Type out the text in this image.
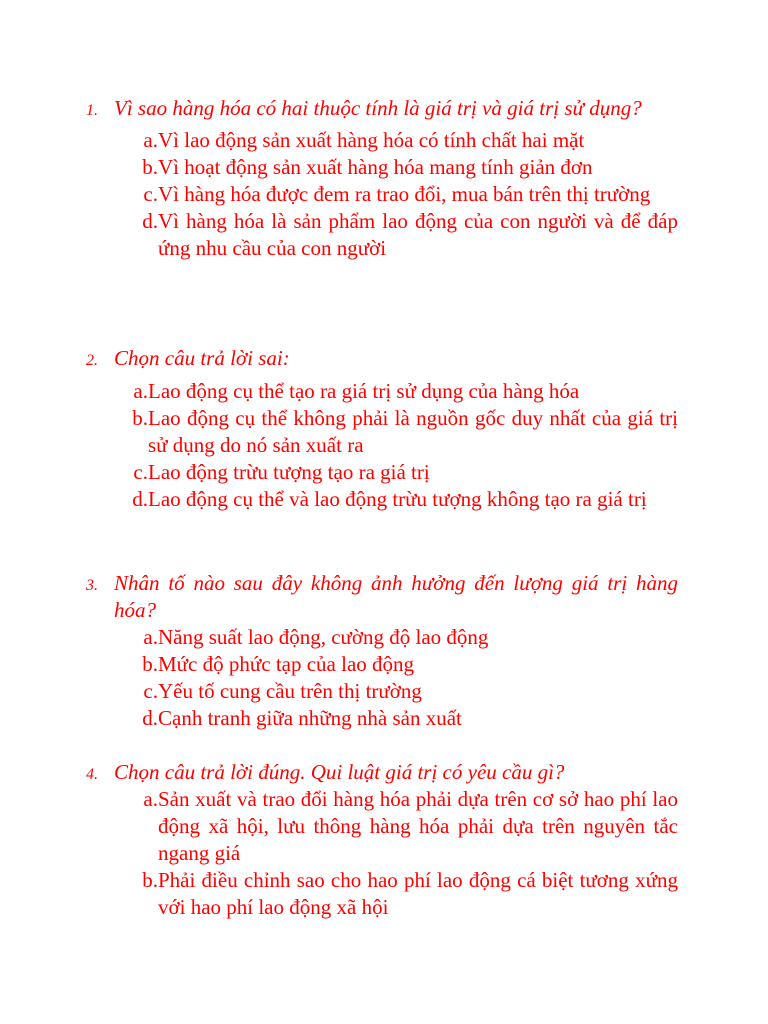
1. Vì sao hàng hóa có hai thuộc tính là giá trị và giá trị sử dụng?
a. Vì lao động sản xuất hàng hóa có tính chất hai mặt
b. Vì hoạt động sản xuất hàng hóa mang tính giản đơn
c. Vì hàng hóa được đem ra trao đổi, mua bán trên thị trường
d. Vì hàng hóa là sản phẩm lao động của con người và để đáp ứng nhu cầu của con người
2. Chọn câu trả lời sai:
a. Lao động cụ thể tạo ra giá trị sử dụng của hàng hóa
b. Lao động cụ thể không phải là nguồn gốc duy nhất của giá trị sử dụng do nó sản xuất ra
c. Lao động trừu tượng tạo ra giá trị
d. Lao động cụ thể và lao động trừu tượng không tạo ra giá trị
3. Nhân tố nào sau đây không ảnh hưởng đến lượng giá trị hàng hóa?
a. Năng suất lao động, cường độ lao động
b. Mức độ phức tạp của lao động
c. Yếu tố cung cầu trên thị trường
d. Cạnh tranh giữa những nhà sản xuất
4. Chọn câu trả lời đúng. Qui luật giá trị có yêu cầu gì?
a. Sản xuất và trao đổi hàng hóa phải dựa trên cơ sở hao phí lao động xã hội, lưu thông hàng hóa phải dựa trên nguyên tắc ngang giá
b. Phải điều chỉnh sao cho hao phí lao động cá biệt tương xứng với hao phí lao động xã hội
